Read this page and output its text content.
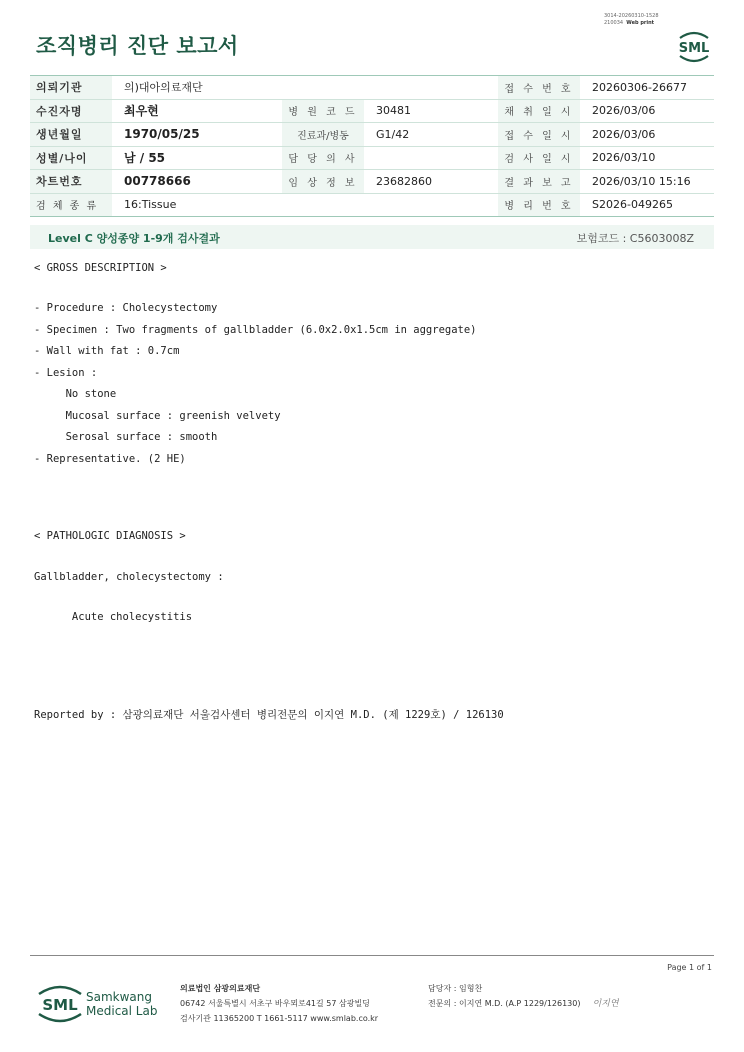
조직병리 진단 보고서
3014-20260310-1528
210034 Web print
SML
의뢰기관	의)대아의료재단			접 수 번 호	20260306-26677
수진자명	최우현	병 원 코 드	30481	채 취 일 시	2026/03/06
생년월일	1970/05/25	진료과/병동	G1/42	접 수 일 시	2026/03/06
성별/나이	남 / 55	담 당 의 사		검 사 일 시	2026/03/10
차트번호	00778666	임 상 정 보	23682860	결 과 보 고	2026/03/10 15:16
검 체 종 류	16:Tissue			병 리 번 호	S2026-049265
Level C 양성종양 1-9개 검사결과	보험코드 : C5603008Z
< GROSS DESCRIPTION >
- Procedure : Cholecystectomy
- Specimen : Two fragments of gallbladder (6.0x2.0x1.5cm in aggregate)
- Wall with fat : 0.7cm
- Lesion :
No stone
Mucosal surface : greenish velvety
Serosal surface : smooth
- Representative. (2 HE)
< PATHOLOGIC DIAGNOSIS >
Gallbladder, cholecystectomy :
Acute cholecystitis
Reported by : 삼광의료재단 서울검사센터 병리전문의 이지연 M.D. (제 1229호) / 126130
Page 1 of 1
SML Samkwang
Medical Lab
의료법인 삼광의료재단
06742 서울특별시 서초구 바우뫼로41길 57 삼광빌딩
검사기관 11365200 T 1661-5117 www.smlab.co.kr
담당자 : 임형찬
전문의 : 이지연 M.D. (A.P 1229/126130) 이지연
